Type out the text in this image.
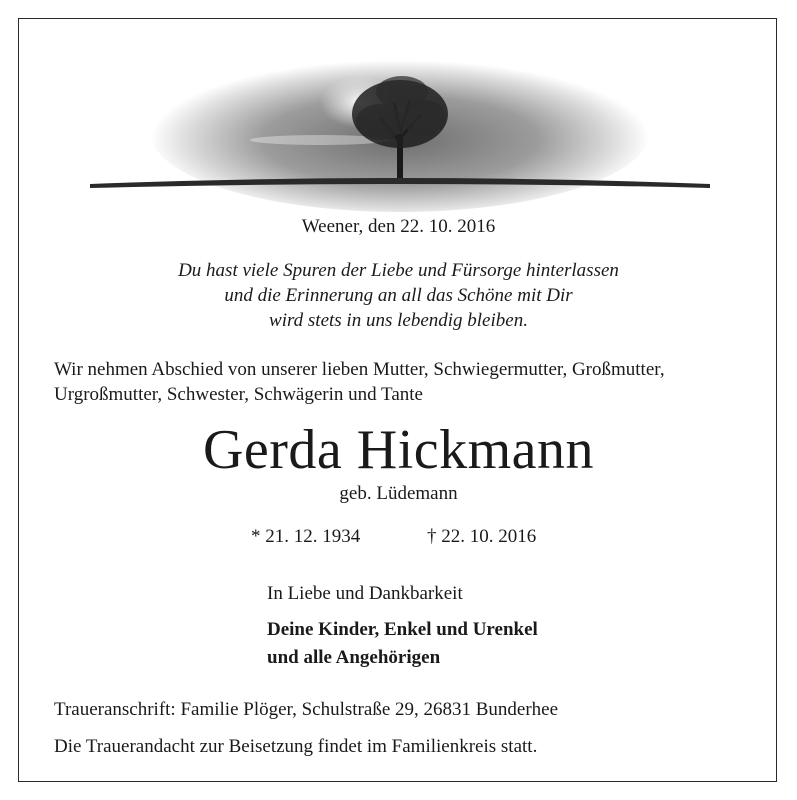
Weener, den 22. 10. 2016
Du hast viele Spuren der Liebe und Fürsorge hinterlassen
und die Erinnerung an all das Schöne mit Dir
wird stets in uns lebendig bleiben.
Wir nehmen Abschied von unserer lieben Mutter, Schwiegermutter, Großmutter,
Urgroßmutter, Schwester, Schwägerin und Tante
Gerda Hickmann
geb. Lüdemann
* 21. 12. 1934	† 22. 10. 2016
In Liebe und Dankbarkeit
Deine Kinder, Enkel und Urenkel
und alle Angehörigen
Traueranschrift: Familie Plöger, Schulstraße 29, 26831 Bunderhee
Die Trauerandacht zur Beisetzung findet im Familienkreis statt.
